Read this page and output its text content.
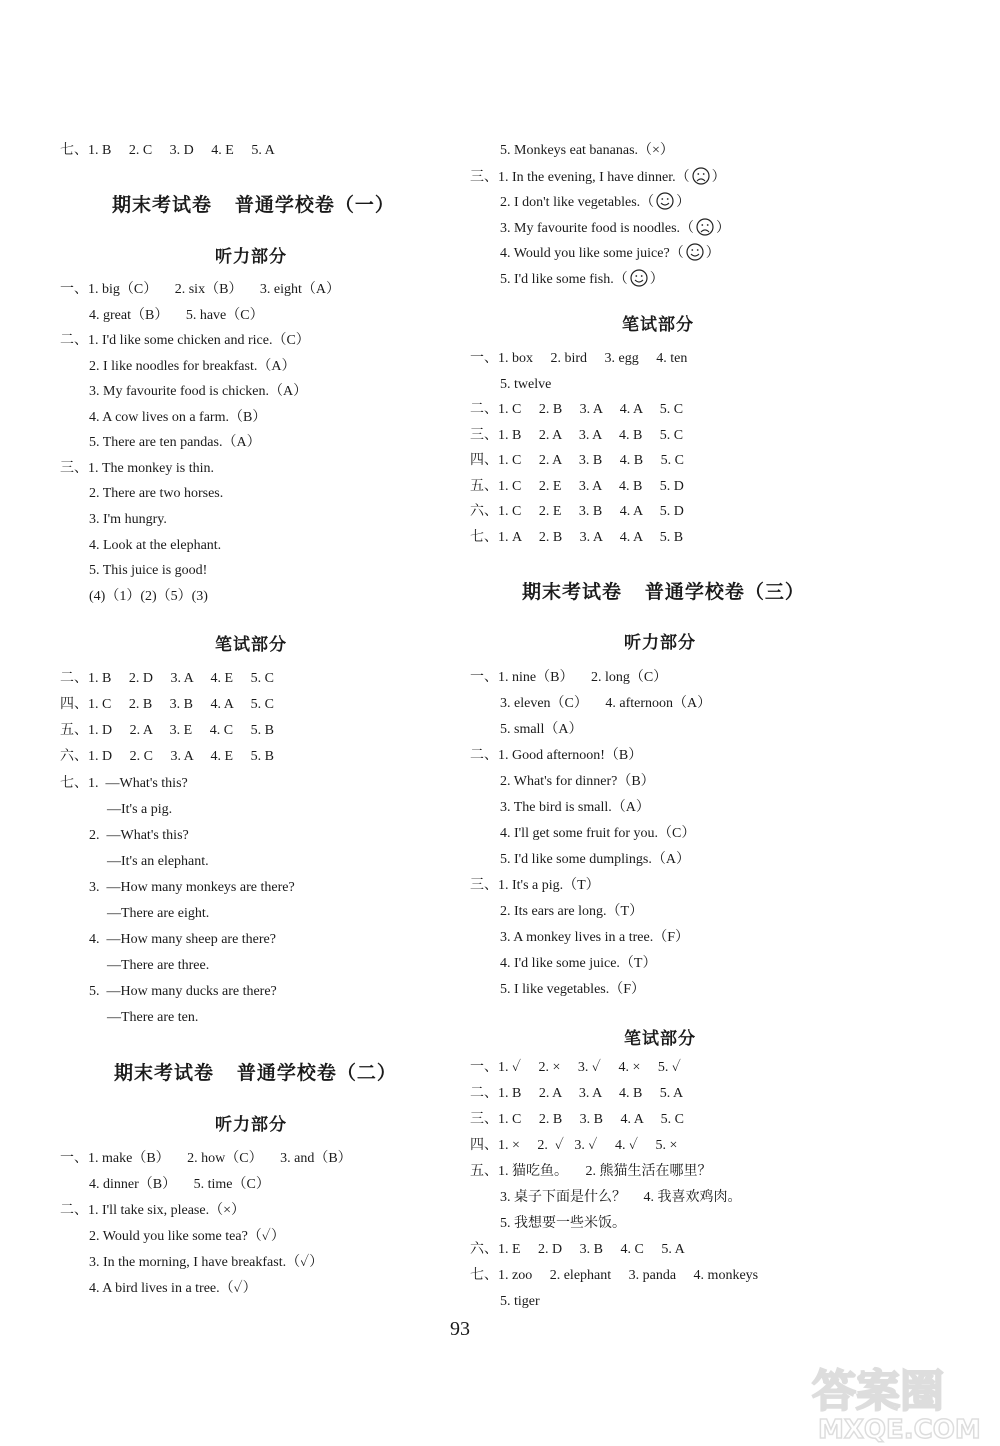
93
答案圈
MXQE.COM
七、1. B     2. C     3. D     4. E     5. A
期末考试卷   普通学校卷（一）
听力部分
一、1. big（C）     2. six（B）     3. eight（A）
4. great（B）     5. have（C）
二、1. I'd like some chicken and rice.（C）
2. I like noodles for breakfast.（A）
3. My favourite food is chicken.（A）
4. A cow lives on a farm.（B）
5. There are ten pandas.（A）
三、1. The monkey is thin.
2. There are two horses.
3. I'm hungry.
4. Look at the elephant.
5. This juice is good!
(4)（1）(2)（5）(3)
笔试部分
二、1. B     2. D     3. A     4. E     5. C
四、1. C     2. B     3. B     4. A     5. C
五、1. D     2. A     3. E     4. C     5. B
六、1. D     2. C     3. A     4. E     5. B
七、1.  —What's this?
—It's a pig.
2.  —What's this?
—It's an elephant.
3.  —How many monkeys are there?
—There are eight.
4.  —How many sheep are there?
—There are three.
5.  —How many ducks are there?
—There are ten.
期末考试卷   普通学校卷（二）
听力部分
一、1. make（B）     2. how（C）     3. and（B）
4. dinner（B）     5. time（C）
二、1. I'll take six, please.（×）
2. Would you like some tea?（✓）
3. In the morning, I have breakfast.（✓）
4. A bird lives in a tree.（✓）
5. Monkeys eat bananas.（×）
三、1. In the evening, I have dinner.（ ）
2. I don't like vegetables.（ ）
3. My favourite food is noodles.（ ）
4. Would you like some juice?（ ）
5. I'd like some fish.（ ）
笔试部分
一、1. box     2. bird     3. egg     4. ten
5. twelve
二、1. C     2. B     3. A     4. A     5. C
三、1. B     2. A     3. A     4. B     5. C
四、1. C     2. A     3. B     4. B     5. C
五、1. C     2. E     3. A     4. B     5. D
六、1. C     2. E     3. B     4. A     5. D
七、1. A     2. B     3. A     4. A     5. B
期末考试卷   普通学校卷（三）
听力部分
一、1. nine（B）     2. long（C）
3. eleven（C）     4. afternoon（A）
5. small（A）
二、1. Good afternoon!（B）
2. What's for dinner?（B）
3. The bird is small.（A）
4. I'll get some fruit for you.（C）
5. I'd like some dumplings.（A）
三、1. It's a pig.（T）
2. Its ears are long.（T）
3. A monkey lives in a tree.（F）
4. I'd like some juice.（T）
5. I like vegetables.（F）
笔试部分
一、1. ✓     2. ×     3. ✓     4. ×     5. ✓
二、1. B     2. A     3. A     4. B     5. A
三、1. C     2. B     3. B     4. A     5. C
四、1. ×     2.  ✓   3. ✓     4. ✓     5. ×
五、1. 猫吃鱼。     2. 熊猫生活在哪里？
3. 桌子下面是什么？     4. 我喜欢鸡肉。
5. 我想要一些米饭。
六、1. E     2. D     3. B     4. C     5. A
七、1. zoo     2. elephant     3. panda     4. monkeys
5. tiger
